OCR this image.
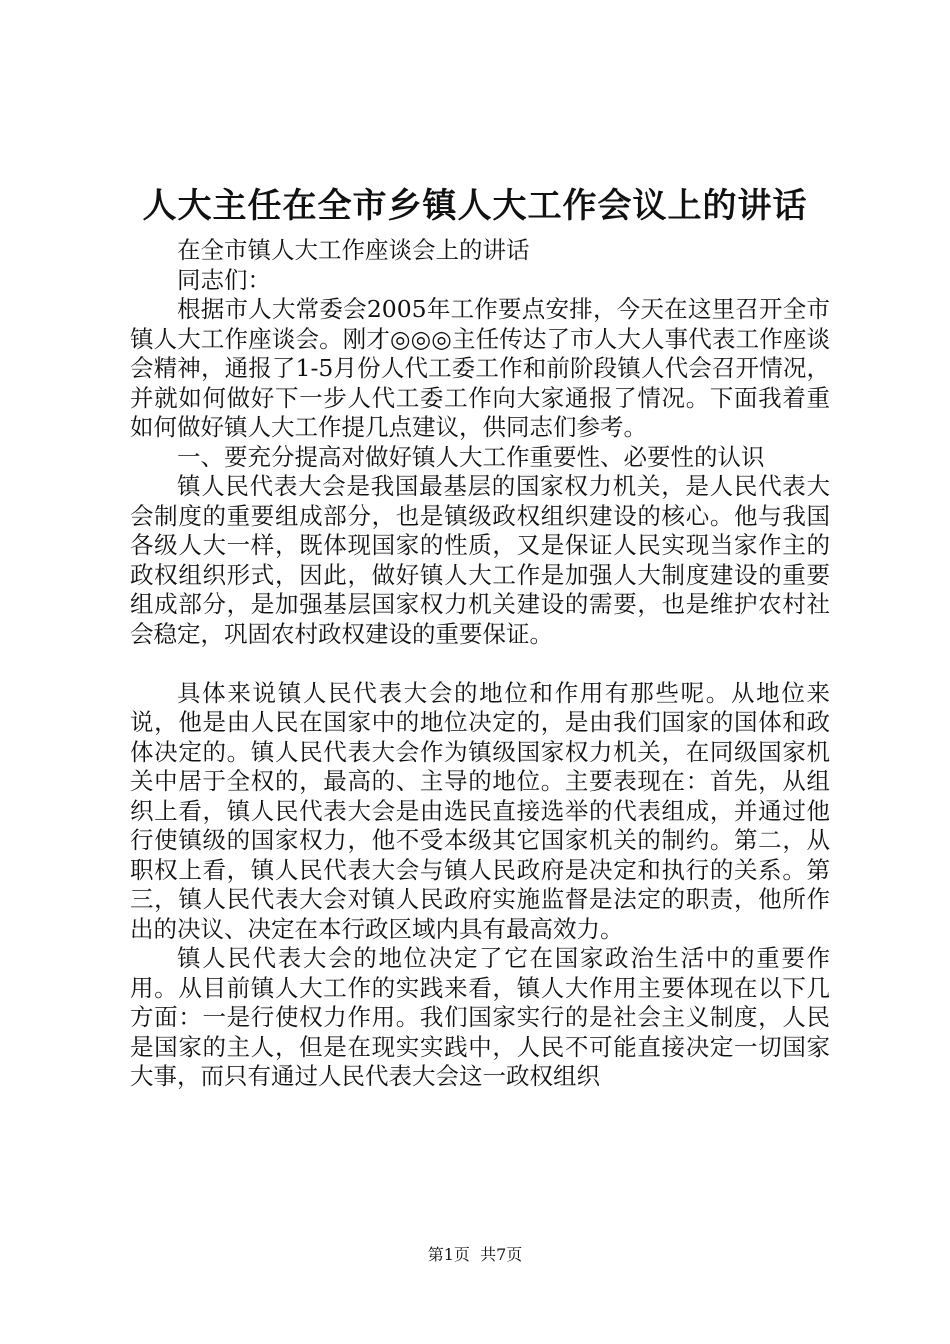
人大主任在全市乡镇人大工作会议上的讲话

在全市镇人大工作座谈会上的讲话

同志们：

根据市人大常委会2005年工作要点安排，今天在这里召开全市镇人大工作座谈会。刚才◎◎◎主任传达了市人大人事代表工作座谈会精神，通报了1-5月份人代工委工作和前阶段镇人代会召开情况，并就如何做好下一步人代工委工作向大家通报了情况。下面我着重如何做好镇人大工作提几点建议，供同志们参考。

一、要充分提高对做好镇人大工作重要性、必要性的认识

镇人民代表大会是我国最基层的国家权力机关，是人民代表大会制度的重要组成部分，也是镇级政权组织建设的核心。他与我国各级人大一样，既体现国家的性质，又是保证人民实现当家作主的政权组织形式，因此，做好镇人大工作是加强人大制度建设的重要组成部分，是加强基层国家权力机关建设的需要，也是维护农村社会稳定，巩固农村政权建设的重要保证。

具体来说镇人民代表大会的地位和作用有那些呢。从地位来说，他是由人民在国家中的地位决定的，是由我们国家的国体和政体决定的。镇人民代表大会作为镇级国家权力机关，在同级国家机关中居于全权的，最高的、主导的地位。主要表现在：首先，从组织上看，镇人民代表大会是由选民直接选举的代表组成，并通过他行使镇级的国家权力，他不受本级其它国家机关的制约。第二，从职权上看，镇人民代表大会与镇人民政府是决定和执行的关系。第三，镇人民代表大会对镇人民政府实施监督是法定的职责，他所作出的决议、决定在本行政区域内具有最高效力。

镇人民代表大会的地位决定了它在国家政治生活中的重要作用。从目前镇人大工作的实践来看，镇人大作用主要体现在以下几方面：一是行使权力作用。我们国家实行的是社会主义制度，人民是国家的主人，但是在现实实践中，人民不可能直接决定一切国家大事，而只有通过人民代表大会这一政权组织

第1页  共7页
